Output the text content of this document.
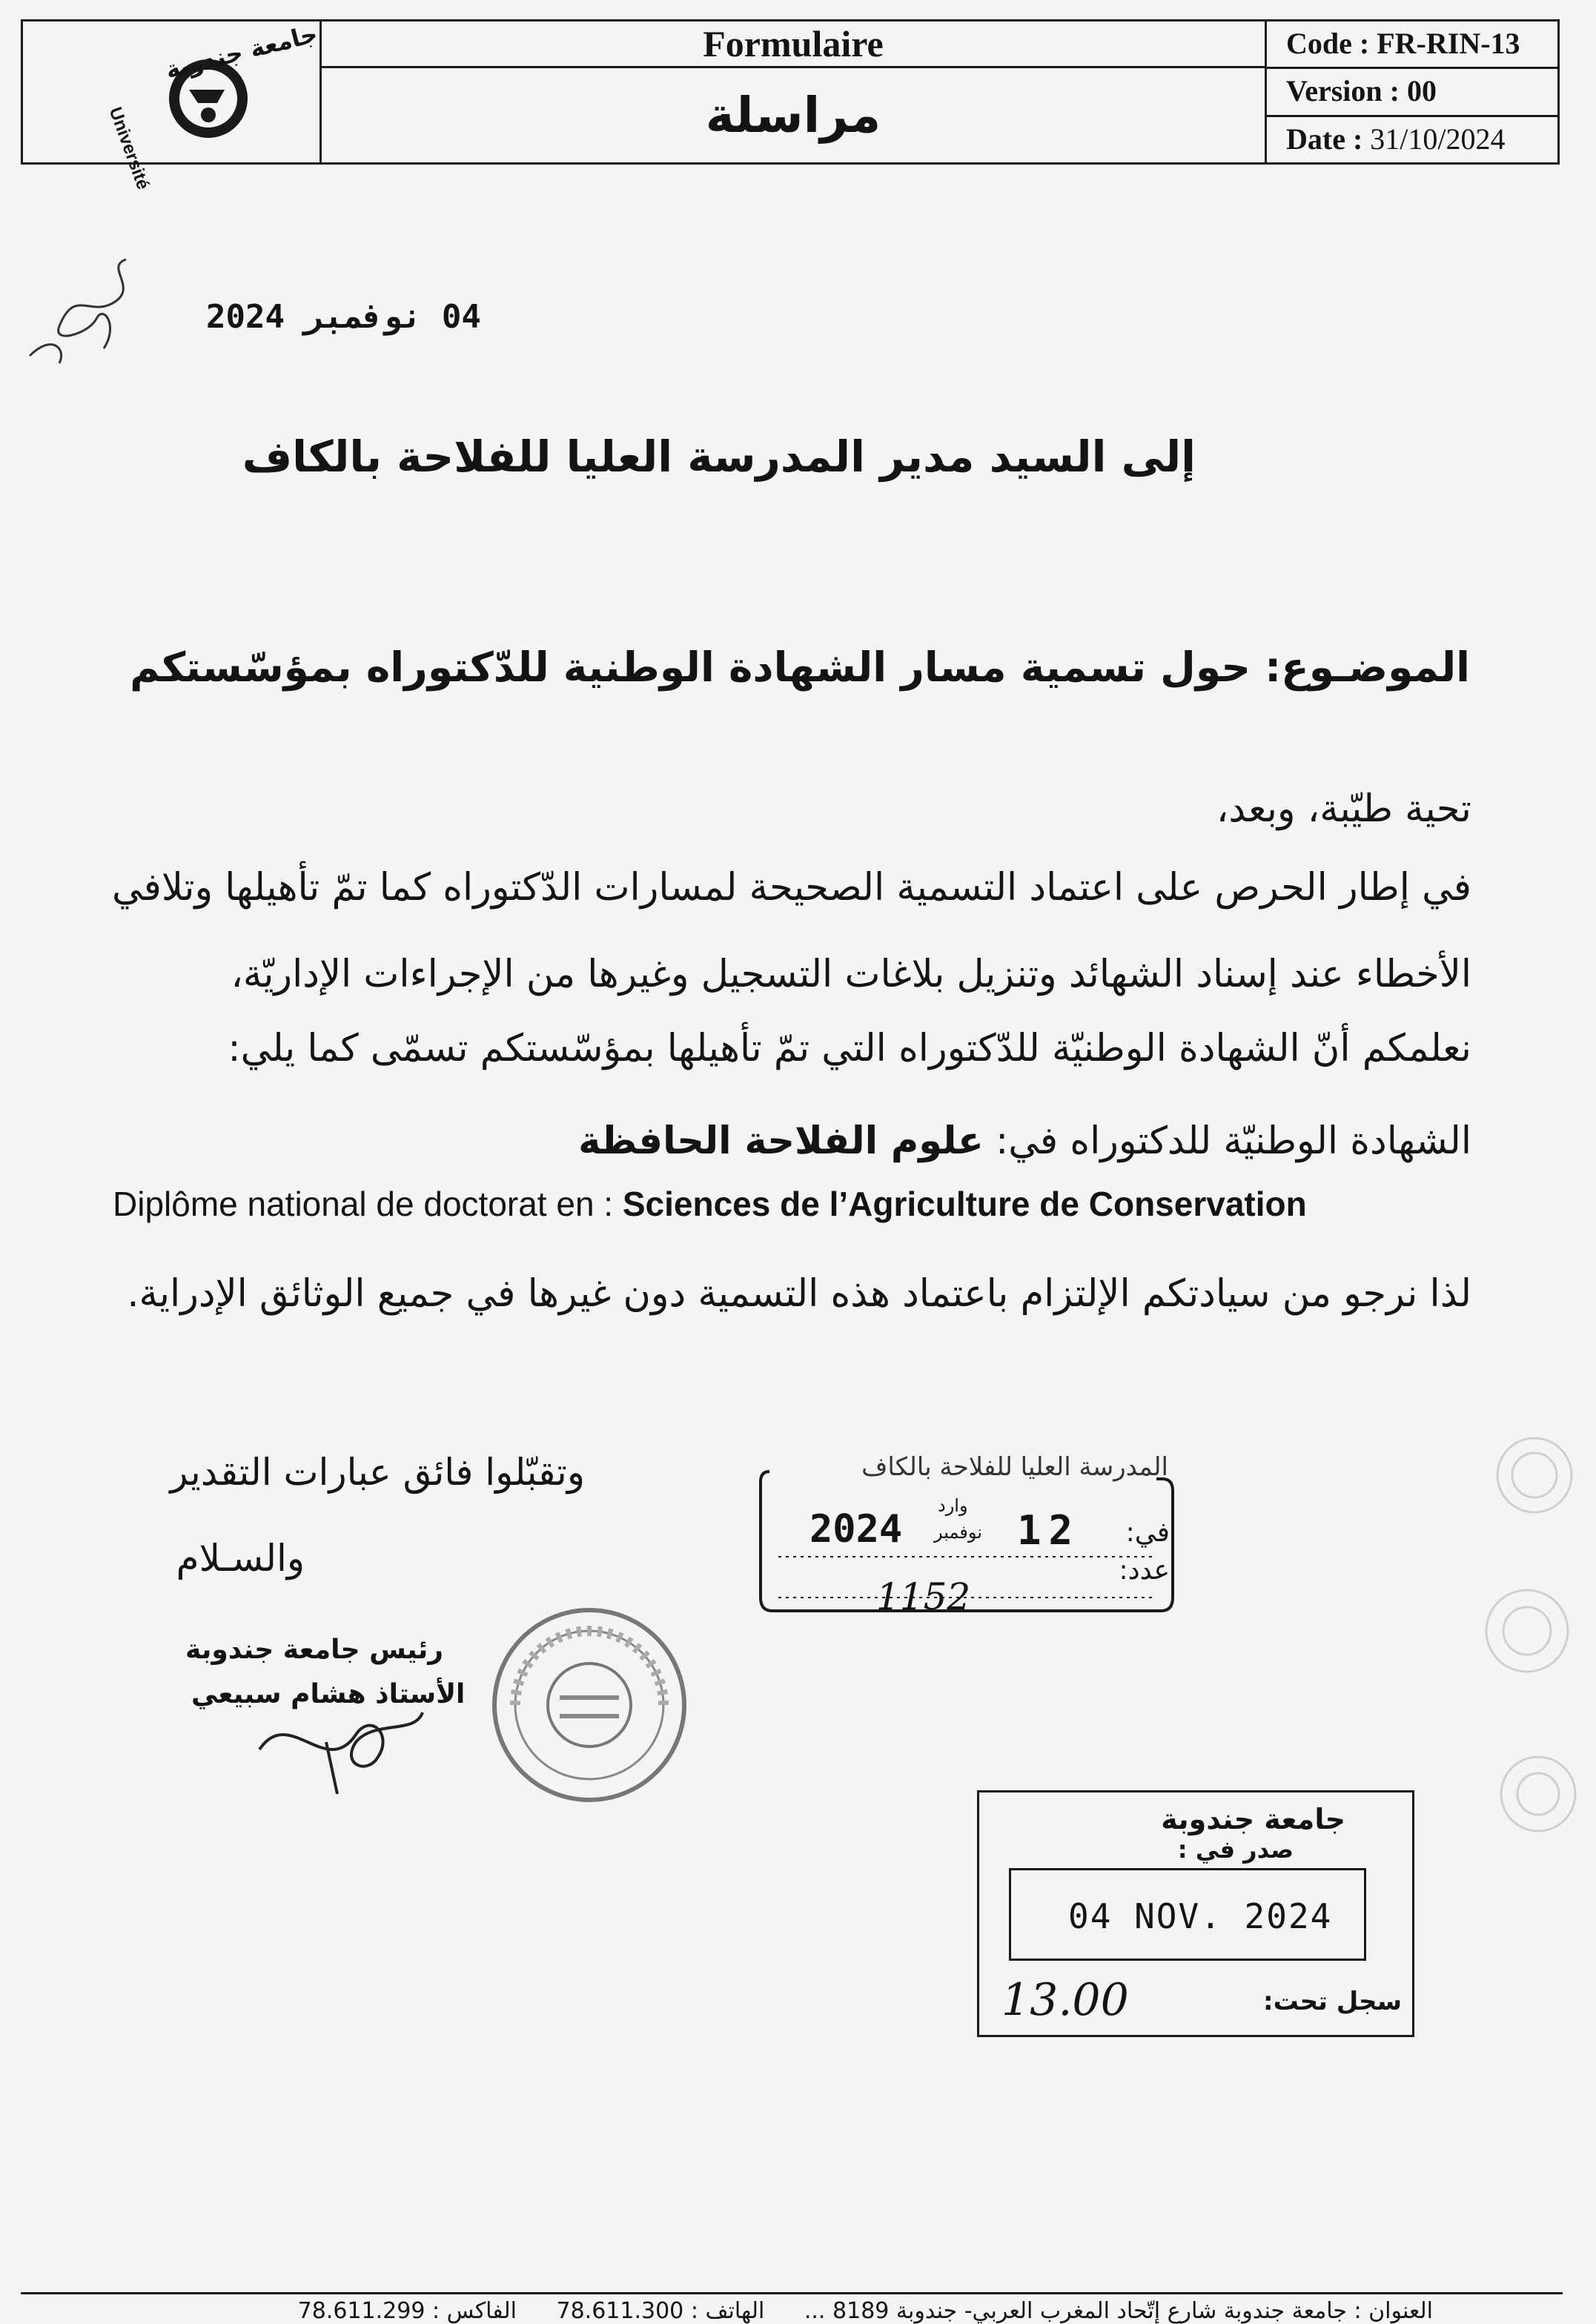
جامعة جندوبة
Université
Formulaire
مراسلة
Code : FR-RIN-13
Version : 00
Date : 31/10/2024
04 نوفمبر 2024
إلى السيد مدير المدرسة العليا للفلاحة بالكاف
الموضـوع: حول تسمية مسار الشهادة الوطنية للدّكتوراه بمؤسّستكم
تحية طيّبة، وبعد،
في إطار الحرص على اعتماد التسمية الصحيحة لمسارات الدّكتوراه كما تمّ تأهيلها وتلافي
الأخطاء عند إسناد الشهائد وتنزيل بلاغات التسجيل وغيرها من الإجراءات الإداريّة،
نعلمكم أنّ الشهادة الوطنيّة للدّكتوراه التي تمّ تأهيلها بمؤسّستكم تسمّى كما يلي:
الشهادة الوطنيّة للدكتوراه في: علوم الفلاحة الحافظة
Diplôme national de doctorat en : Sciences de l’Agriculture de Conservation
لذا نرجو من سيادتكم الإلتزام باعتماد هذه التسمية دون غيرها في جميع الوثائق الإدراية.
وتقبّلوا فائق عبارات التقدير
والسـلام
رئيس جامعة جندوبة
الأستاذ هشام سبيعي
المدرسة العليا للفلاحة بالكاف
وارد
في:
عدد:
2024 نوفمبر 12
1152
جامعة جندوبة
صدر في :
04 NOV. 2024
سجل تحت:
13.00
العنوان : جامعة جندوبة شارع إتّحاد المغرب العربي- جندوبة 8189 ... الهاتف : 78.611.300 الفاكس : 78.611.299
